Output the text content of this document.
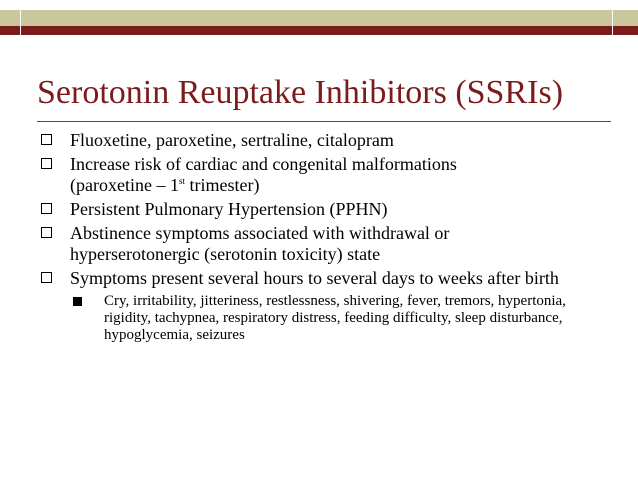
Serotonin Reuptake Inhibitors (SSRIs)
Fluoxetine, paroxetine, sertraline, citalopram
Increase risk of cardiac and congenital malformations
(paroxetine – 1st trimester)
Persistent Pulmonary Hypertension (PPHN)
Abstinence symptoms associated with withdrawal or hyperserotonergic (serotonin toxicity) state
Symptoms present several hours to several days to weeks after birth
Cry, irritability, jitteriness, restlessness, shivering, fever, tremors, hypertonia, rigidity, tachypnea, respiratory distress, feeding difficulty, sleep disturbance, hypoglycemia, seizures
